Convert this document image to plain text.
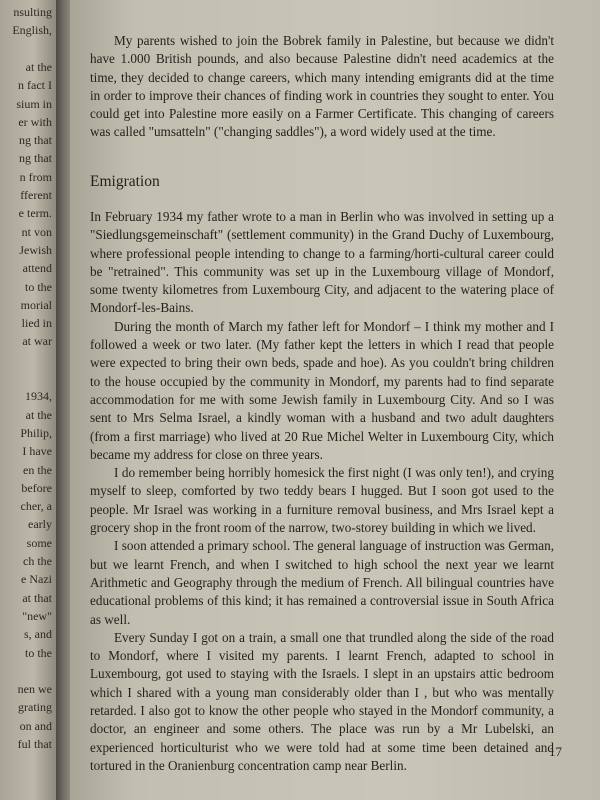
nsulting
English,
at the
n fact I
sium in
er with
ng that
ng that
n from
fferent
e term.
nt von
Jewish
attend
to the
morial
lied in
at war
1934,
at the
Philip,
I have
en the
before
cher, a
early
some
ch the
e Nazi
at that
"new"
s, and
to the
nen we
grating
on and
ful that

My parents wished to join the Bobrek family in Palestine, but because we didn't have 1.000 British pounds, and also because Palestine didn't need academics at the time, they decided to change careers, which many intending emigrants did at the time in order to improve their chances of finding work in countries they sought to enter. You could get into Palestine more easily on a Farmer Certificate. This changing of careers was called "umsatteln" ("changing saddles"), a word widely used at the time.

Emigration

In February 1934 my father wrote to a man in Berlin who was involved in setting up a "Siedlungsgemeinschaft" (settlement community) in the Grand Duchy of Luxembourg, where professional people intending to change to a farming/horti-cultural career could be "retrained". This community was set up in the Luxembourg village of Mondorf, some twenty kilometres from Luxembourg City, and adjacent to the watering place of Mondorf-les-Bains.

During the month of March my father left for Mondorf – I think my mother and I followed a week or two later. (My father kept the letters in which I read that people were expected to bring their own beds, spade and hoe). As you couldn't bring children to the house occupied by the community in Mondorf, my parents had to find separate accommodation for me with some Jewish family in Luxembourg City. And so I was sent to Mrs Selma Israel, a kindly woman with a husband and two adult daughters (from a first marriage) who lived at 20 Rue Michel Welter in Luxembourg City, which became my address for close on three years.

I do remember being horribly homesick the first night (I was only ten!), and crying myself to sleep, comforted by two teddy bears I hugged. But I soon got used to the people. Mr Israel was working in a furniture removal business, and Mrs Israel kept a grocery shop in the front room of the narrow, two-storey building in which we lived.

I soon attended a primary school. The general language of instruction was German, but we learnt French, and when I switched to high school the next year we learnt Arithmetic and Geography through the medium of French. All bilingual countries have educational problems of this kind; it has remained a controversial issue in South Africa as well.

Every Sunday I got on a train, a small one that trundled along the side of the road to Mondorf, where I visited my parents. I learnt French, adapted to school in Luxembourg, got used to staying with the Israels. I slept in an upstairs attic bedroom which I shared with a young man considerably older than I , but who was mentally retarded. I also got to know the other people who stayed in the Mondorf community, a doctor, an engineer and some others. The place was run by a Mr Lubelski, an experienced horticulturist who we were told had at some time been detained and tortured in the Oranienburg concentration camp near Berlin.

17
